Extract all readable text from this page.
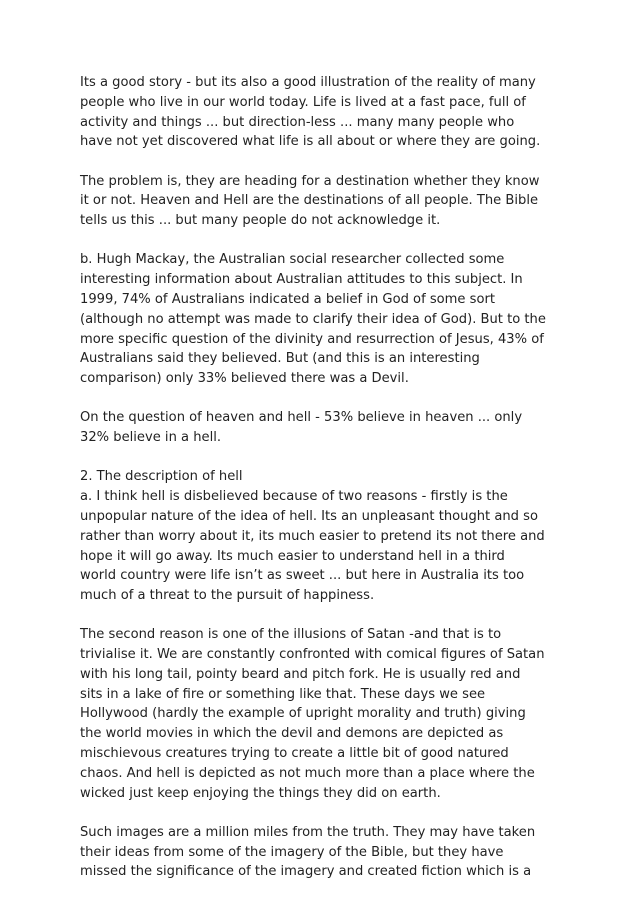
Its a good story - but its also a good illustration of the reality of many
people who live in our world today. Life is lived at a fast pace, full of
activity and things ... but direction-less ... many many people who
have not yet discovered what life is all about or where they are going.
The problem is, they are heading for a destination whether they know
it or not. Heaven and Hell are the destinations of all people. The Bible
tells us this ... but many people do not acknowledge it.
b. Hugh Mackay, the Australian social researcher collected some
interesting information about Australian attitudes to this subject. In
1999, 74% of Australians indicated a belief in God of some sort
(although no attempt was made to clarify their idea of God). But to the
more specific question of the divinity and resurrection of Jesus, 43% of
Australians said they believed. But (and this is an interesting
comparison) only 33% believed there was a Devil.
On the question of heaven and hell - 53% believe in heaven ... only
32% believe in a hell.
2. The description of hell
a. I think hell is disbelieved because of two reasons - firstly is the
unpopular nature of the idea of hell. Its an unpleasant thought and so
rather than worry about it, its much easier to pretend its not there and
hope it will go away. Its much easier to understand hell in a third
world country were life isn’t as sweet ... but here in Australia its too
much of a threat to the pursuit of happiness.
The second reason is one of the illusions of Satan -and that is to
trivialise it. We are constantly confronted with comical figures of Satan
with his long tail, pointy beard and pitch fork. He is usually red and
sits in a lake of fire or something like that. These days we see
Hollywood (hardly the example of upright morality and truth) giving
the world movies in which the devil and demons are depicted as
mischievous creatures trying to create a little bit of good natured
chaos. And hell is depicted as not much more than a place where the
wicked just keep enjoying the things they did on earth.
Such images are a million miles from the truth. They may have taken
their ideas from some of the imagery of the Bible, but they have
missed the significance of the imagery and created fiction which is a
